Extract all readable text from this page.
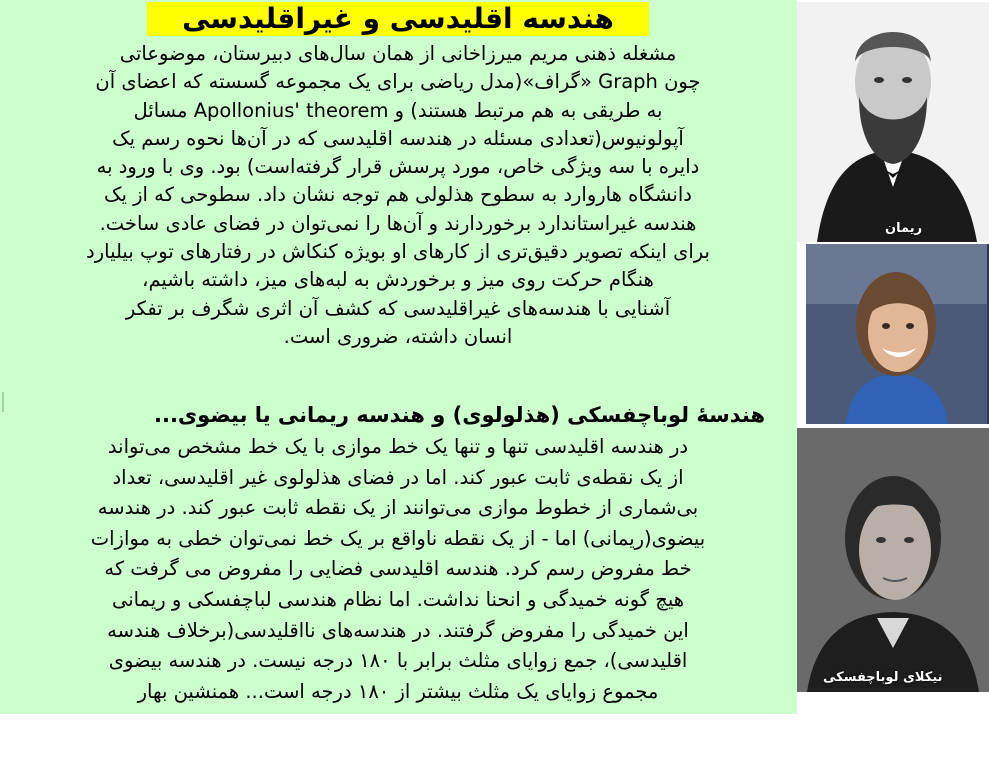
هندسه اقلیدسی و غیراقلیدسی

مشغله ذهنی مریم میرزاخانی از همان سال‌های دبیرستان، موضوعاتی

چون Graph «گراف»(مدل ریاضی برای یک مجموعه گسسته که اعضای آن

به طریقی به هم مرتبط هستند) و Apollonius' theorem مسائل

آپولونیوس(تعدادی مسئله در هندسه اقلیدسی که در آن‌ها نحوه رسم یک

دایره با سه ویژگی خاص، مورد پرسش قرار گرفته‌است) بود. وی با ورود به

دانشگاه هاروارد به سطوح هذلولی هم توجه نشان داد. سطوحی که از یک

هندسه غیراستاندارد برخوردارند و آن‌ها را نمی‌توان در فضای عادی ساخت.

برای اینکه تصویر دقیق‌تری از کارهای او بویژه کنکاش در رفتارهای توپ بیلیارد

هنگام حرکت روی میز و برخوردش به لبه‌های میز، داشته باشیم،

آشنایی با هندسه‌های غیراقلیدسی که کشف آن اثری شگرف بر تفکر

انسان داشته، ضروری است.

هندسهٔ لوباچفسکی (هذلولوی) و هندسه ریمانی یا بیضوی...

در هندسه اقلیدسی تنها و تنها یک خط موازی با یک خط مشخص می‌تواند

از یک نقطه‌ی ثابت عبور کند. اما در فضای هذلولوی غیر اقلیدسی، تعداد

بی‌شماری از خطوط موازی می‌توانند از یک نقطه ثابت عبور کند. در هندسه

بیضوی(ریمانی) اما - از یک نقطه ناواقع بر یک خط نمی‌توان خطی به موازات

خط مفروض رسم کرد. هندسه اقلیدسی فضایی را مفروض می گرفت که

هیچ گونه خمیدگی و انحنا نداشت. اما نظام هندسی لباچفسکی و ریمانی

این خمیدگی را مفروض گرفتند. در هندسه‌های نااقلیدسی(برخلاف هندسه

اقلیدسی)، جمع زوایای مثلث برابر با ۱۸۰ درجه نیست. در هندسه بیضوی

مجموع زوایای یک مثلث بیشتر از ۱۸۰ درجه است... همنشین بهار

ریمان
نیکلای لوباچفسکی
